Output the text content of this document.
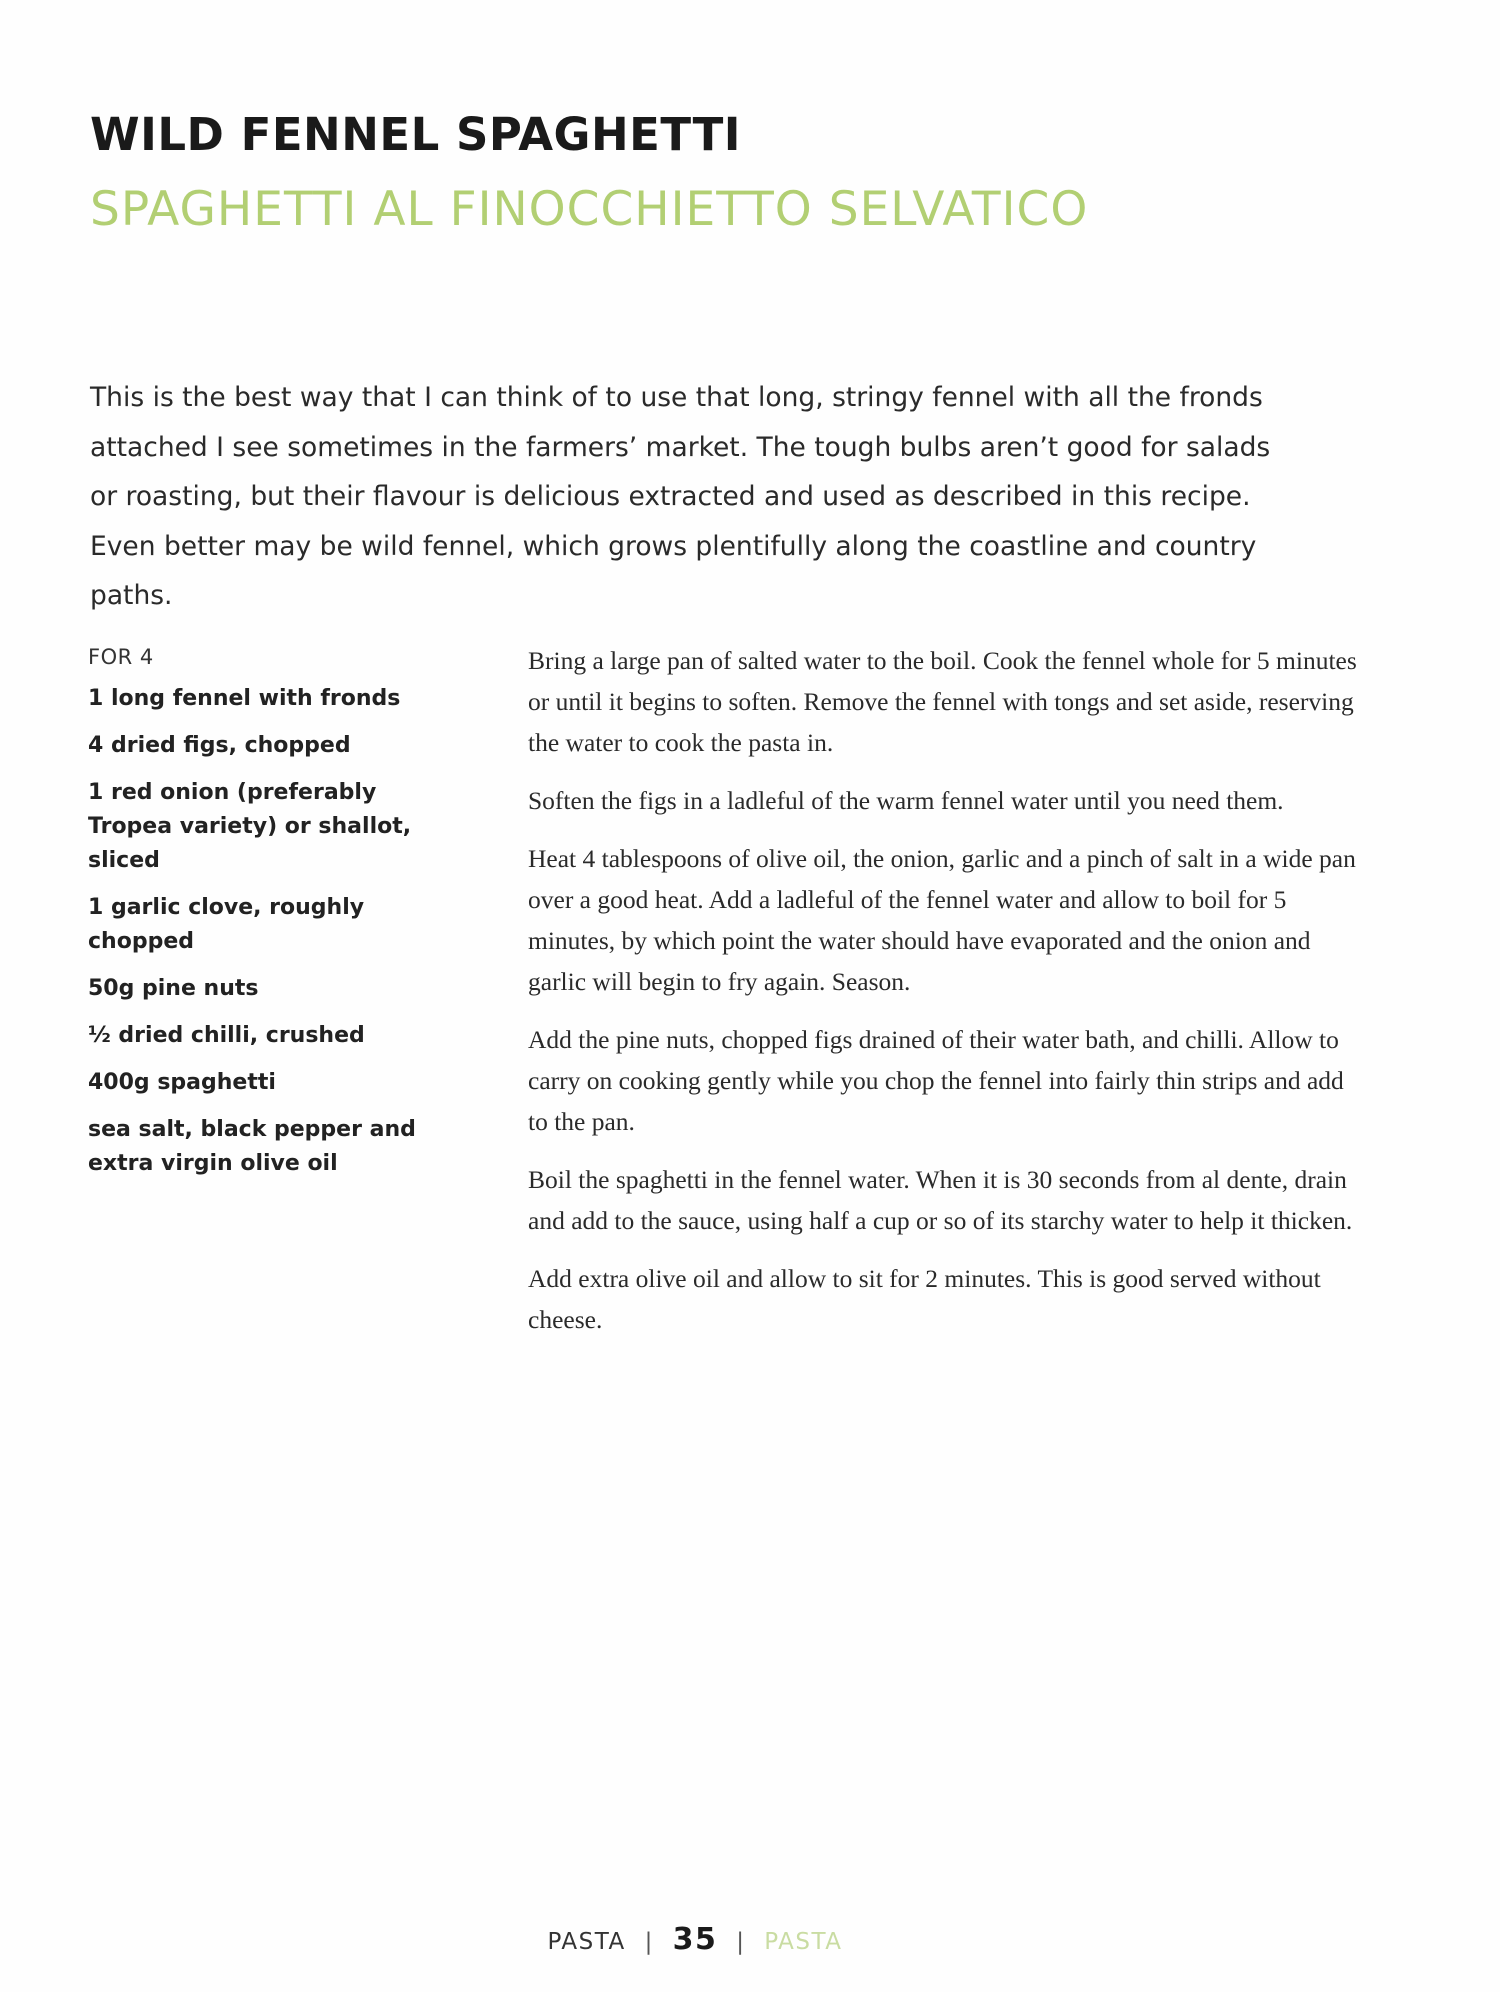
WILD FENNEL SPAGHETTI
SPAGHETTI AL FINOCCHIETTO SELVATICO

This is the best way that I can think of to use that long, stringy fennel with all the fronds attached I see sometimes in the farmers’ market. The tough bulbs aren’t good for salads or roasting, but their flavour is delicious extracted and used as described in this recipe. Even better may be wild fennel, which grows plentifully along the coastline and country paths.

FOR 4
1 long fennel with fronds
4 dried figs, chopped
1 red onion (preferably Tropea variety) or shallot, sliced
1 garlic clove, roughly chopped
50g pine nuts
½ dried chilli, crushed
400g spaghetti
sea salt, black pepper and extra virgin olive oil

Bring a large pan of salted water to the boil. Cook the fennel whole for 5 minutes or until it begins to soften. Remove the fennel with tongs and set aside, reserving the water to cook the pasta in.

Soften the figs in a ladleful of the warm fennel water until you need them.

Heat 4 tablespoons of olive oil, the onion, garlic and a pinch of salt in a wide pan over a good heat. Add a ladleful of the fennel water and allow to boil for 5 minutes, by which point the water should have evaporated and the onion and garlic will begin to fry again. Season.

Add the pine nuts, chopped figs drained of their water bath, and chilli. Allow to carry on cooking gently while you chop the fennel into fairly thin strips and add to the pan.

Boil the spaghetti in the fennel water. When it is 30 seconds from al dente, drain and add to the sauce, using half a cup or so of its starchy water to help it thicken.

Add extra olive oil and allow to sit for 2 minutes. This is good served without cheese.

PASTA | 35 | PASTA
